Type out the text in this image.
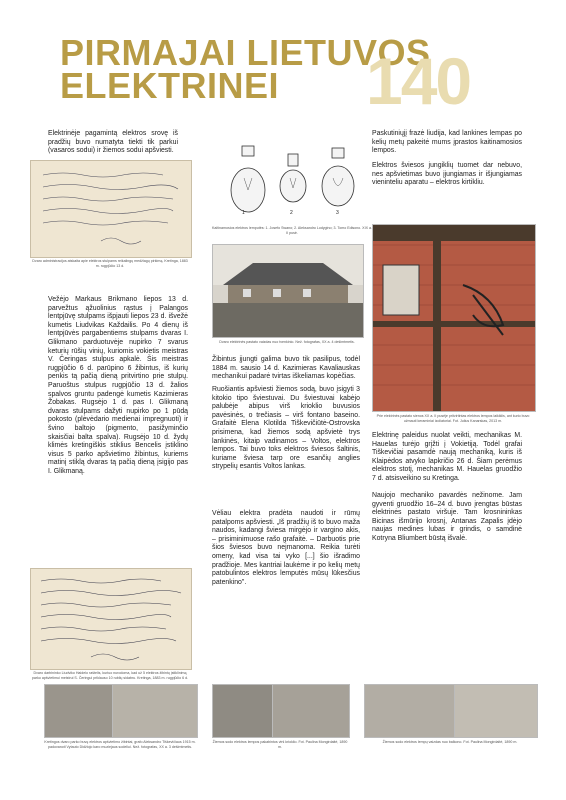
PIRMAJAI LIETUVOS
ELEKTRINEI	140

Elektrinėje pagamintą elektros srovę iš pradžių buvo numatyta tiekti tik parkui (vasaros sodui) ir žiemos sodui apšviesti.

Dvaro administracijos atskaita apie elektros stulpams reikalingų medžiagų pirkimą. Kretinga, 1883 m. rugpjūčio 13 d.

Vežėjo Markaus Brikmano liepos 13 d. parvežtus ąžuolinius rąstus į Palangos lentpjūvę stulpams išpjauti liepos 23 d. išvežė kumetis Liudvikas Každailis. Po 4 dienų iš lentpjūvės pargabentiems stulpams dvaras I. Glikmano parduotuvėje nupirko 7 svarus keturių rūšių vinių, kuriomis vokietis meistras V. Čeringas stulpus apkalė. Šis meistras rugpjūčio 6 d. parūpino 6 žibintus, iš kurių penkis tą pačią dieną pritvirtino prie stulpų. Paruoštus stulpus rugpjūčio 13 d. žalios spalvos gruntu padengė kumetis Kazimieras Žobakas. Rugsėjo 1 d. pas I. Glikmaną dvaras stulpams dažyti nupirko po 1 pūdą pokosto (plėvėdario medienai impregnuoti) ir švino baltojo (pigmento, pasižyminčio skaisčiai balta spalva). Rugsėjo 10 d. žydų klimės kretingiškis stiklius Bencelis įstiklino visus 5 parko apšvietimo žibintus, kuriems matinį stiklą dvaras tą pačią dieną įsigijo pas I. Glikmaną.

Dvaro darbininko Liudviko Haidelo raštelis, kuriuo nurodoma, kad už 5 elektros žibintų įstiklinimą parko apšvietimui meistrui S. Čeringui priklauso 10 rublių sidabru. Kretinga, 1883 m. rugpjūčio 6 d.
1	2	3
Kaitinamosios elektros lemputės: 1. Josefo Swano; 2. Aleksandro Lodygino; 3. Tomo Edisono. XIX a. II pusė.
Dvaro elektrinės pastato vaizdas nuo tvenkinio. Než. fotografas, XX a. 4 dešimtmetis.

Žibintus įjungti galima buvo tik pasilipus, todėl 1884 m. sausio 14 d. Kazimieras Kavaliauskas mechanikui padarė tvirtas iškeliamas kopėčias.

Ruošiantis apšviesti žiemos sodą, buvo įsigyti 3 kitokio tipo šviestuvai. Du šviestuvai kabėjo palubėje abipus virš krioklio buvusios pavėsinės, o trečiasis – virš fontano baseino. Grafaitė Elena Klotilda Tiškevičiūtė-Ostrovska prisimena, kad žiemos sodą apšvietė trys lankinės, kitaip vadinamos – Voltos, elektros lempos. Tai buvo toks elektros šviesos šaltinis, kuriame šviesa tarp ore esančių anglies strypelių esantis Voltos lankas.

Vėliau elektra pradėta naudoti ir rūmų patalpoms apšviesti. „Iš pradžių iš to buvo maža naudos, kadangi šviesa mirgėjo ir vargino akis, – prisiminimuose rašo grafaitė. – Darbuotis prie šios šviesos buvo nejmanoma. Reikia turėti omeny, kad visa tai vyko [...] šio išradimo pradžioje. Mes kantriai laukėme ir po kelių metų patobulintos elektros lemputės mūsų lūkesčius patenkino".

Paskutiniųjį frazė liudija, kad lankines lempas po kelių metų pakeitė mums įprastos kaitinamosios lempos.

Elektros šviesos jungiklių tuomet dar nebuvo, nes apšvietimas buvo įjungiamas ir išjungiamas vieninteliu aparatu – elektros kirtikliu.

Prie elektrinės pastato sienos XX a. II pusėje pritvirtintas elektros lempos laikiklis, ant kurio buvo užmauti keraminiai izoliatoriai. Fot. Julius Kanarskas, 2013 m.

Elektrinę paleidus nuolat veikti, mechanikas M. Hauelas turėjo grįžti į Vokietiją. Todėl grafai Tiškevičiai pasamdė naują mechaniką, kuris iš Klaipėdos atvyko lapkričio 26 d. Šiam perėmus elektros stotį, mechanikas M. Hauelas gruodžio 7 d. atsisveikino su Kretinga.

Naujojo mechaniko pavardės nežinome. Jam gyventi gruodžio 16–24 d. buvo įrengtas būstas elektrinės pastato viršuje. Tam krosnininkas Bicinas išmūrijo krosnį, Antanas Zapalis įdėjo naujas medines lubas ir grindis, o samdinė Kotryna Bliumbert būstą išvalė.

Kretingos dvaro parko buvę elektros apšvietimo žibintai, grafo Aleksandro Tiškevičiaus 1915 m. padovanoti Vytauto Didžiojo karo muziejaus sodeliui. Než. fotografas, XX a. 3 dešimtmetis.
Žiemos sodo elektros lempos pakabintos virš krioklio. Fot. Paulina Mongirdaitė, 1890 m.
Žiemos sodo elektros lempų vaizdas nuo balkono. Fot. Paulina Mongirdaitė, 1890 m.
